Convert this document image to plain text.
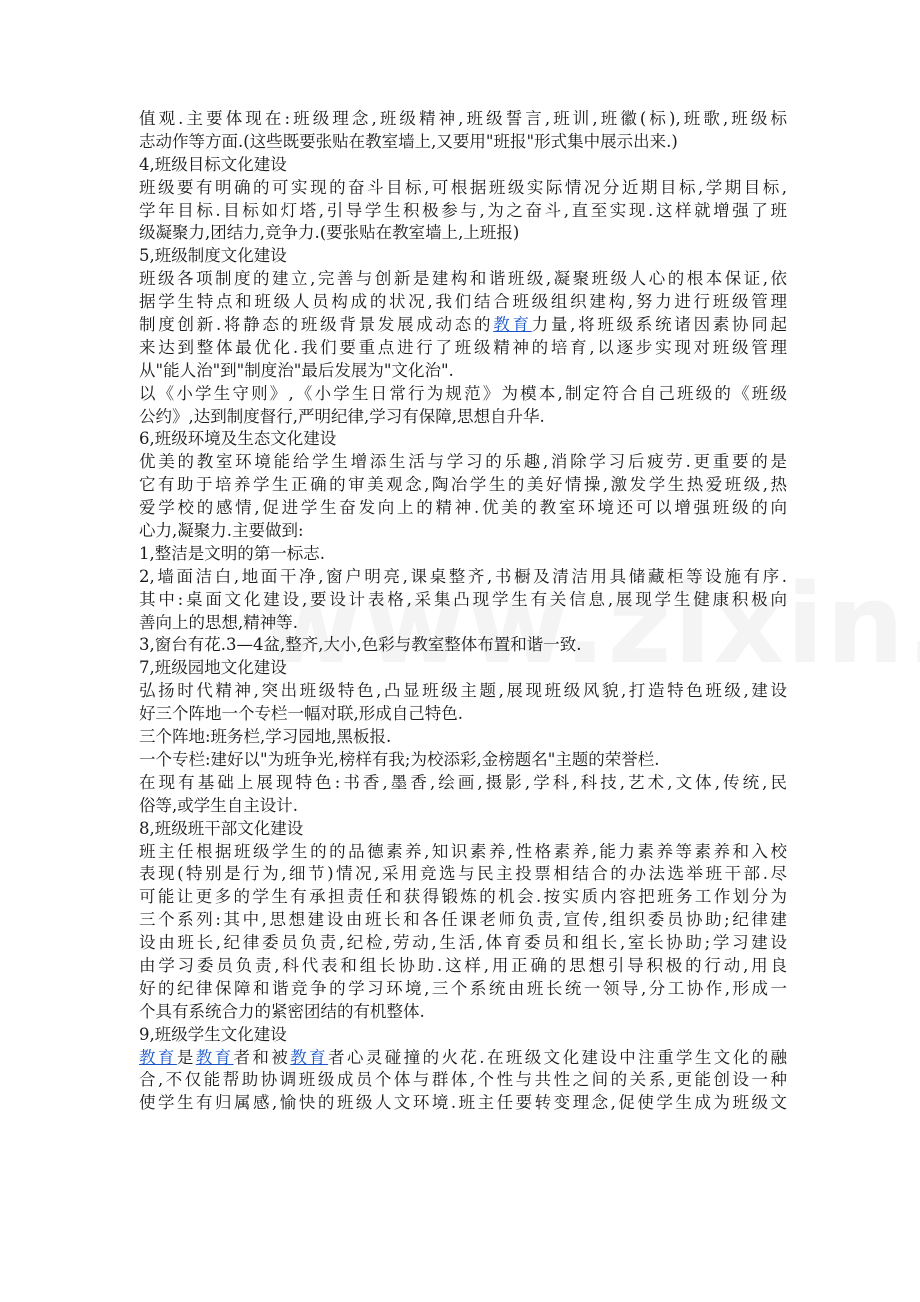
值观.主要体现在:班级理念,班级精神,班级誓言,班训,班徽(标),班歌,班级标
志动作等方面.(这些既要张贴在教室墙上,又要用"班报"形式集中展示出来.)
4,班级目标文化建设
班级要有明确的可实现的奋斗目标,可根据班级实际情况分近期目标,学期目标,
学年目标.目标如灯塔,引导学生积极参与,为之奋斗,直至实现.这样就增强了班
级凝聚力,团结力,竞争力.(要张贴在教室墙上,上班报)
5,班级制度文化建设
班级各项制度的建立,完善与创新是建构和谐班级,凝聚班级人心的根本保证,依
据学生特点和班级人员构成的状况,我们结合班级组织建构,努力进行班级管理
制度创新.将静态的班级背景发展成动态的教育力量,将班级系统诸因素协同起
来达到整体最优化.我们要重点进行了班级精神的培育,以逐步实现对班级管理
从"能人治"到"制度治"最后发展为"文化治".
以《小学生守则》,《小学生日常行为规范》为模本,制定符合自己班级的《班级
公约》,达到制度督行,严明纪律,学习有保障,思想自升华.
6,班级环境及生态文化建设
优美的教室环境能给学生增添生活与学习的乐趣,消除学习后疲劳.更重要的是
它有助于培养学生正确的审美观念,陶冶学生的美好情操,激发学生热爱班级,热
爱学校的感情,促进学生奋发向上的精神.优美的教室环境还可以增强班级的向
心力,凝聚力.主要做到:
1,整洁是文明的第一标志.
2,墙面洁白,地面干净,窗户明亮,课桌整齐,书橱及清洁用具储藏柜等设施有序.
其中:桌面文化建设,要设计表格,采集凸现学生有关信息,展现学生健康积极向
善向上的思想,精神等.
3,窗台有花.3—4盆,整齐,大小,色彩与教室整体布置和谐一致.
7,班级园地文化建设
弘扬时代精神,突出班级特色,凸显班级主题,展现班级风貌,打造特色班级,建设
好三个阵地一个专栏一幅对联,形成自己特色.
三个阵地:班务栏,学习园地,黑板报.
一个专栏:建好以"为班争光,榜样有我;为校添彩,金榜题名"主题的荣誉栏.
在现有基础上展现特色:书香,墨香,绘画,摄影,学科,科技,艺术,文体,传统,民
俗等,或学生自主设计.
8,班级班干部文化建设
班主任根据班级学生的的品德素养,知识素养,性格素养,能力素养等素养和入校
表现(特别是行为,细节)情况,采用竞选与民主投票相结合的办法选举班干部.尽
可能让更多的学生有承担责任和获得锻炼的机会.按实质内容把班务工作划分为
三个系列:其中,思想建设由班长和各任课老师负责,宣传,组织委员协助;纪律建
设由班长,纪律委员负责,纪检,劳动,生活,体育委员和组长,室长协助;学习建设
由学习委员负责,科代表和组长协助.这样,用正确的思想引导积极的行动,用良
好的纪律保障和谐竞争的学习环境,三个系统由班长统一领导,分工协作,形成一
个具有系统合力的紧密团结的有机整体.
9,班级学生文化建设
教育是教育者和被教育者心灵碰撞的火花.在班级文化建设中注重学生文化的融
合,不仅能帮助协调班级成员个体与群体,个性与共性之间的关系,更能创设一种
使学生有归属感,愉快的班级人文环境.班主任要转变理念,促使学生成为班级文
